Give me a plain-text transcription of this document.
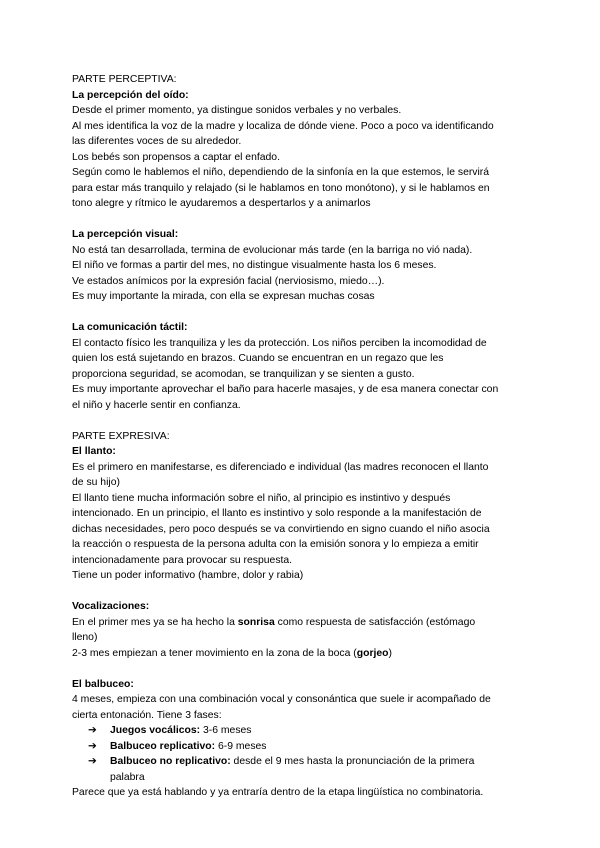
PARTE PERCEPTIVA:
La percepción del oído:
Desde el primer momento, ya distingue sonidos verbales y no verbales.
Al mes identifica la voz de la madre y localiza de dónde viene. Poco a poco va identificando
las diferentes voces de su alrededor.
Los bebés son propensos a captar el enfado.
Según como le hablemos el niño, dependiendo de la sinfonía en la que estemos, le servirá
para estar más tranquilo y relajado (si le hablamos en tono monótono), y si le hablamos en
tono alegre y rítmico le ayudaremos a despertarlos y a animarlos
La percepción visual:
No está tan desarrollada, termina de evolucionar más tarde (en la barriga no vió nada).
El niño ve formas a partir del mes, no distingue visualmente hasta los 6 meses.
Ve estados anímicos por la expresión facial (nerviosismo, miedo…).
Es muy importante la mirada, con ella se expresan muchas cosas
La comunicación táctil:
El contacto físico les tranquiliza y les da protección. Los niños perciben la incomodidad de
quien los está sujetando en brazos. Cuando se encuentran en un regazo que les
proporciona seguridad, se acomodan, se tranquilizan y se sienten a gusto.
Es muy importante aprovechar el baño para hacerle masajes, y de esa manera conectar con
el niño y hacerle sentir en confianza.
PARTE EXPRESIVA:
El llanto:
Es el primero en manifestarse, es diferenciado e individual (las madres reconocen el llanto
de su hijo)
El llanto tiene mucha información sobre el niño, al principio es instintivo y después
intencionado. En un principio, el llanto es instintivo y solo responde a la manifestación de
dichas necesidades, pero poco después se va convirtiendo en signo cuando el niño asocia
la reacción o respuesta de la persona adulta con la emisión sonora y lo empieza a emitir
intencionadamente para provocar su respuesta.
Tiene un poder informativo (hambre, dolor y rabia)
Vocalizaciones:
En el primer mes ya se ha hecho la sonrisa como respuesta de satisfacción (estómago
lleno)
2-3 mes empiezan a tener movimiento en la zona de la boca (gorjeo)
El balbuceo:
4 meses, empieza con una combinación vocal y consonántica que suele ir acompañado de
cierta entonación. Tiene 3 fases:
➔ Juegos vocálicos: 3-6 meses
➔ Balbuceo replicativo: 6-9 meses
➔ Balbuceo no replicativo: desde el 9 mes hasta la pronunciación de la primera
palabra
Parece que ya está hablando y ya entraría dentro de la etapa lingüística no combinatoria.
